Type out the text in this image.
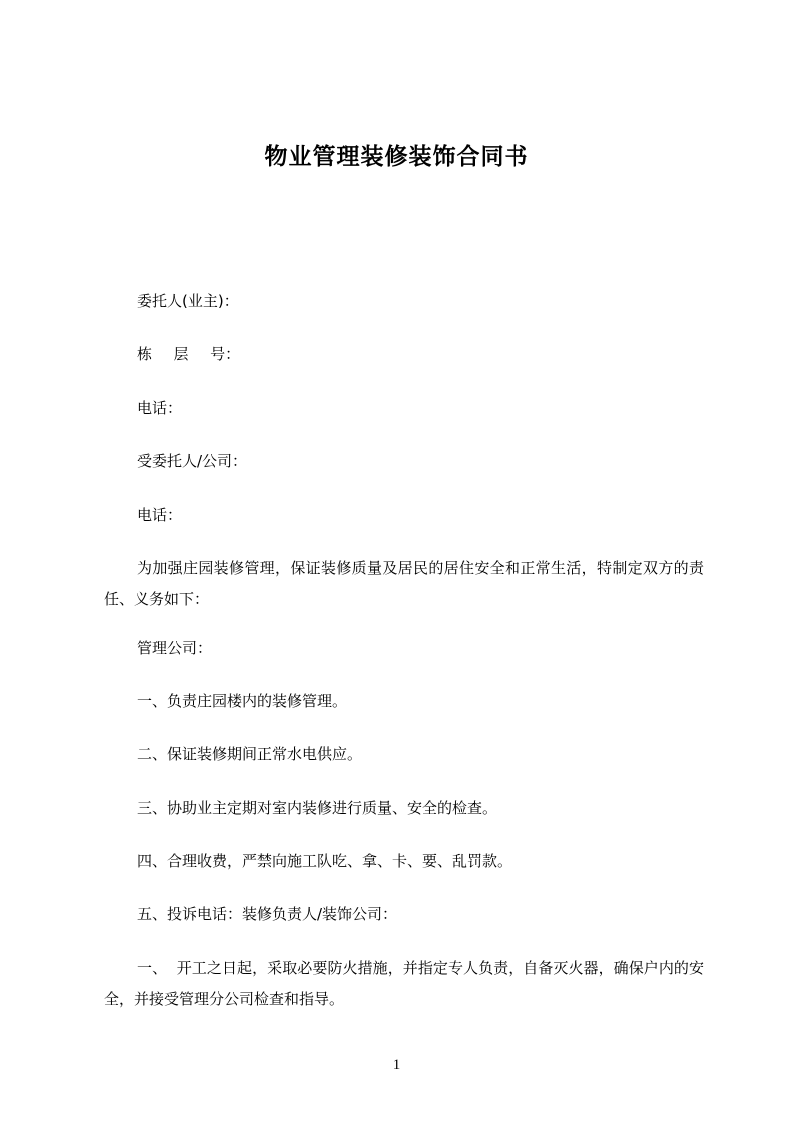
物业管理装修装饰合同书
委托人(业主)：
栋  层  号：
电话：
受委托人/公司：
电话：
为加强庄园装修管理，保证装修质量及居民的居住安全和正常生活，特制定双方的责任、义务如下：
管理公司：
一、负责庄园楼内的装修管理。
二、保证装修期间正常水电供应。
三、协助业主定期对室内装修进行质量、安全的检查。
四、合理收费，严禁向施工队吃、拿、卡、要、乱罚款。
五、投诉电话：装修负责人/装饰公司：
一、  开工之日起，采取必要防火措施，并指定专人负责，自备灭火器，确保户内的安全，并接受管理分公司检查和指导。
1
